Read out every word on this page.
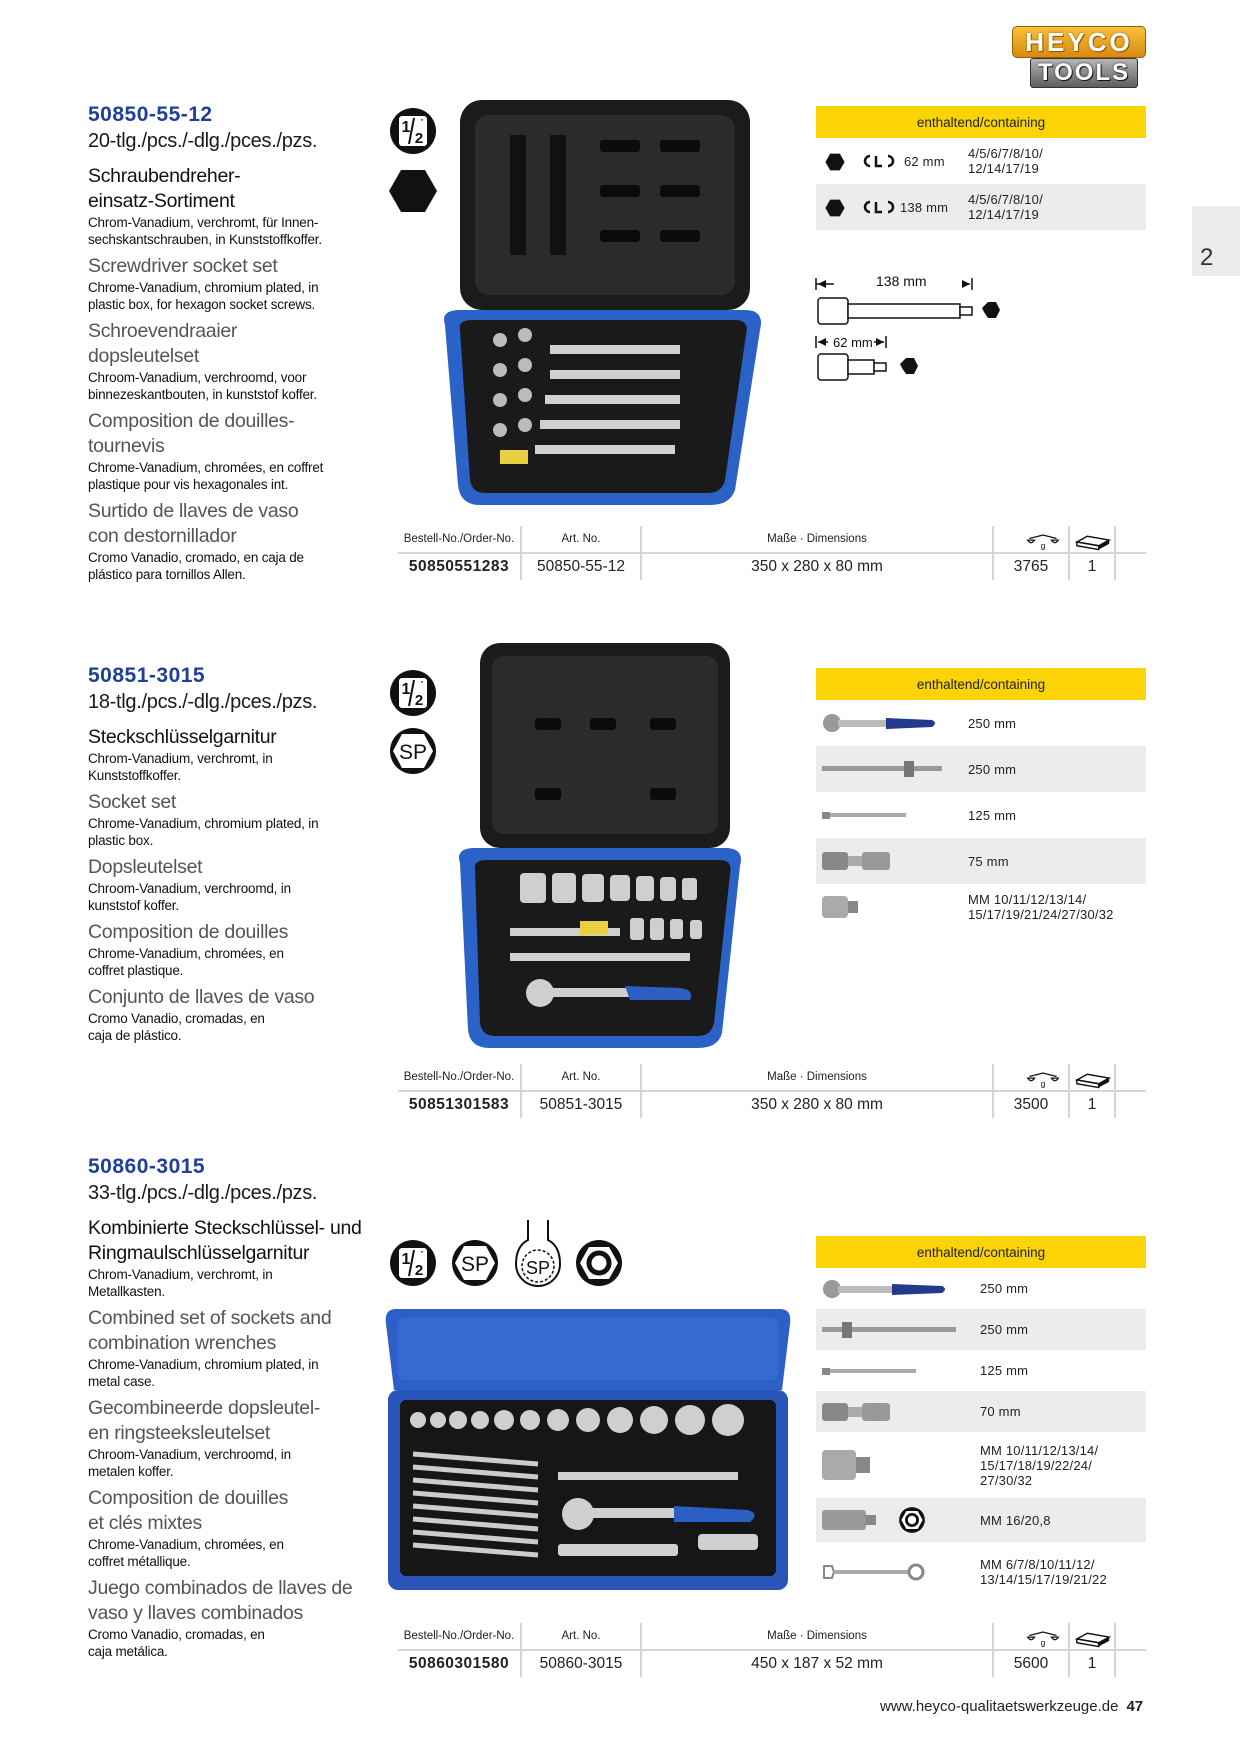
HEYCO
TOOLS
2
50850-55-12
20-tlg./pcs./-dlg./pces./pzs.
Schraubendreher-einsatz-Sortiment
Chrom-Vanadium, verchromt, für Innen-sechskantschrauben, in Kunststoffkoffer.
Screwdriver socket set
Chrome-Vanadium, chromium plated, in plastic box, for hexagon socket screws.
Schroevendraaier dopsleutelset
Chroom-Vanadium, verchroomd, voor binnezeskantbouten, in kunststof koffer.
Composition de douilles-tournevis
Chrome-Vanadium, chromées, en coffret plastique pour vis hexagonales int.
Surtido de llaves de vaso con destornillador
Cromo Vanadio, cromado, en caja de plástico para tornillos Allen.
enthaltend/containing
62 mm 4/5/6/7/8/10/ 12/14/17/19
138 mm 4/5/6/7/8/10/ 12/14/17/19
138 mm
62 mm
Bestell-No./Order-No.	Art. No.	Maße · Dimensions
50850551283	50850-55-12	350 x 280 x 80 mm	3765	1
50851-3015
18-tlg./pcs./-dlg./pces./pzs.
Steckschlüsselgarnitur
Chrom-Vanadium, verchromt, in Kunststoffkoffer.
Socket set
Chrome-Vanadium, chromium plated, in plastic box.
Dopsleutelset
Chroom-Vanadium, verchroomd, in kunststof koffer.
Composition de douilles
Chrome-Vanadium, chromées, en coffret plastique.
Conjunto de llaves de vaso
Cromo Vanadio, cromadas, en caja de plástico.
enthaltend/containing
250 mm
250 mm
125 mm
75 mm
MM 10/11/12/13/14/ 15/17/19/21/24/27/30/32
Bestell-No./Order-No.	Art. No.	Maße · Dimensions
50851301583	50851-3015	350 x 280 x 80 mm	3500	1
50860-3015
33-tlg./pcs./-dlg./pces./pzs.
Kombinierte Steckschlüssel- und Ringmaulschlüsselgarnitur
Chrom-Vanadium, verchromt, in Metallkasten.
Combined set of sockets and combination wrenches
Chrome-Vanadium, chromium plated, in metal case.
Gecombineerde dopsleutel-en ringsteeksleutelset
Chroom-Vanadium, verchroomd, in metalen koffer.
Composition de douilles et clés mixtes
Chrome-Vanadium, chromées, en coffret métallique.
Juego combinados de llaves de vaso y llaves combinados
Cromo Vanadio, cromadas, en caja metálica.
SP
enthaltend/containing
250 mm
250 mm
125 mm
70 mm
MM 10/11/12/13/14/ 15/17/18/19/22/24/ 27/30/32
MM 16/20,8
MM 6/7/8/10/11/12/ 13/14/15/17/19/21/22
Bestell-No./Order-No.	Art. No.	Maße · Dimensions
50860301580	50860-3015	450 x 187 x 52 mm	5600	1
www.heyco-qualitaetswerkzeuge.de 47
